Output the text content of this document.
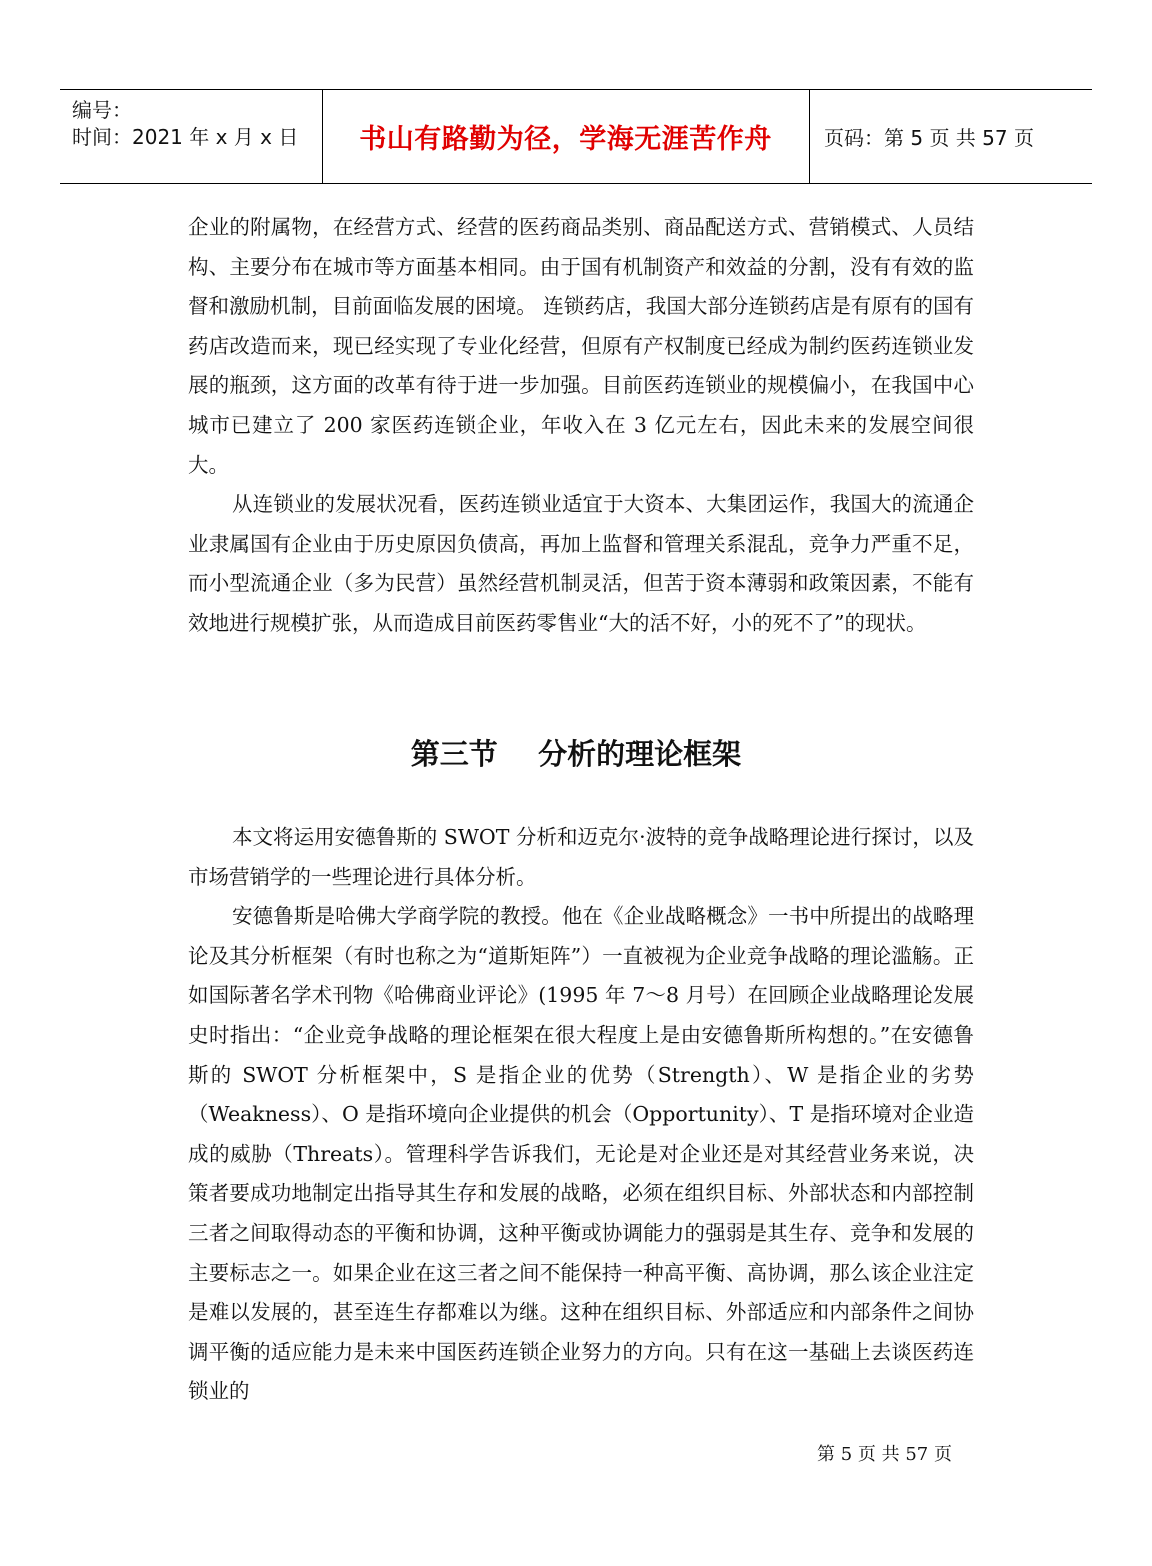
编号：
时间：2021 年 x 月 x 日 书山有路勤为径，学海无涯苦作舟	页码：第 5 页 共 57 页

企业的附属物，在经营方式、经营的医药商品类别、商品配送方式、营销模式、人员结构、主要分布在城市等方面基本相同。由于国有机制资产和效益的分割，没有有效的监督和激励机制，目前面临发展的困境。 连锁药店，我国大部分连锁药店是有原有的国有药店改造而来，现已经实现了专业化经营，但原有产权制度已经成为制约医药连锁业发展的瓶颈，这方面的改革有待于进一步加强。目前医药连锁业的规模偏小，在我国中心城市已建立了 200 家医药连锁企业，年收入在 3 亿元左右，因此未来的发展空间很大。

从连锁业的发展状况看，医药连锁业适宜于大资本、大集团运作，我国大的流通企业隶属国有企业由于历史原因负债高，再加上监督和管理关系混乱，竞争力严重不足，而小型流通企业（多为民营）虽然经营机制灵活，但苦于资本薄弱和政策因素，不能有效地进行规模扩张，从而造成目前医药零售业“大的活不好，小的死不了”的现状。

第三节    分析的理论框架

本文将运用安德鲁斯的 SWOT 分析和迈克尔·波特的竞争战略理论进行探讨，以及市场营销学的一些理论进行具体分析。

安德鲁斯是哈佛大学商学院的教授。他在《企业战略概念》一书中所提出的战略理论及其分析框架（有时也称之为“道斯矩阵”）一直被视为企业竞争战略的理论滥觞。正如国际著名学术刊物《哈佛商业评论》(1995 年 7～8 月号）在回顾企业战略理论发展史时指出：“企业竞争战略的理论框架在很大程度上是由安德鲁斯所构想的。”在安德鲁斯的 SWOT 分析框架中，S 是指企业的优势（Strength）、W 是指企业的劣势（Weakness）、O 是指环境向企业提供的机会（Opportunity）、T 是指环境对企业造成的威胁（Threats）。管理科学告诉我们，无论是对企业还是对其经营业务来说，决策者要成功地制定出指导其生存和发展的战略，必须在组织目标、外部状态和内部控制三者之间取得动态的平衡和协调，这种平衡或协调能力的强弱是其生存、竞争和发展的主要标志之一。如果企业在这三者之间不能保持一种高平衡、高协调，那么该企业注定是难以发展的，甚至连生存都难以为继。这种在组织目标、外部适应和内部条件之间协调平衡的适应能力是未来中国医药连锁企业努力的方向。只有在这一基础上去谈医药连锁业的

第 5 页 共 57 页
